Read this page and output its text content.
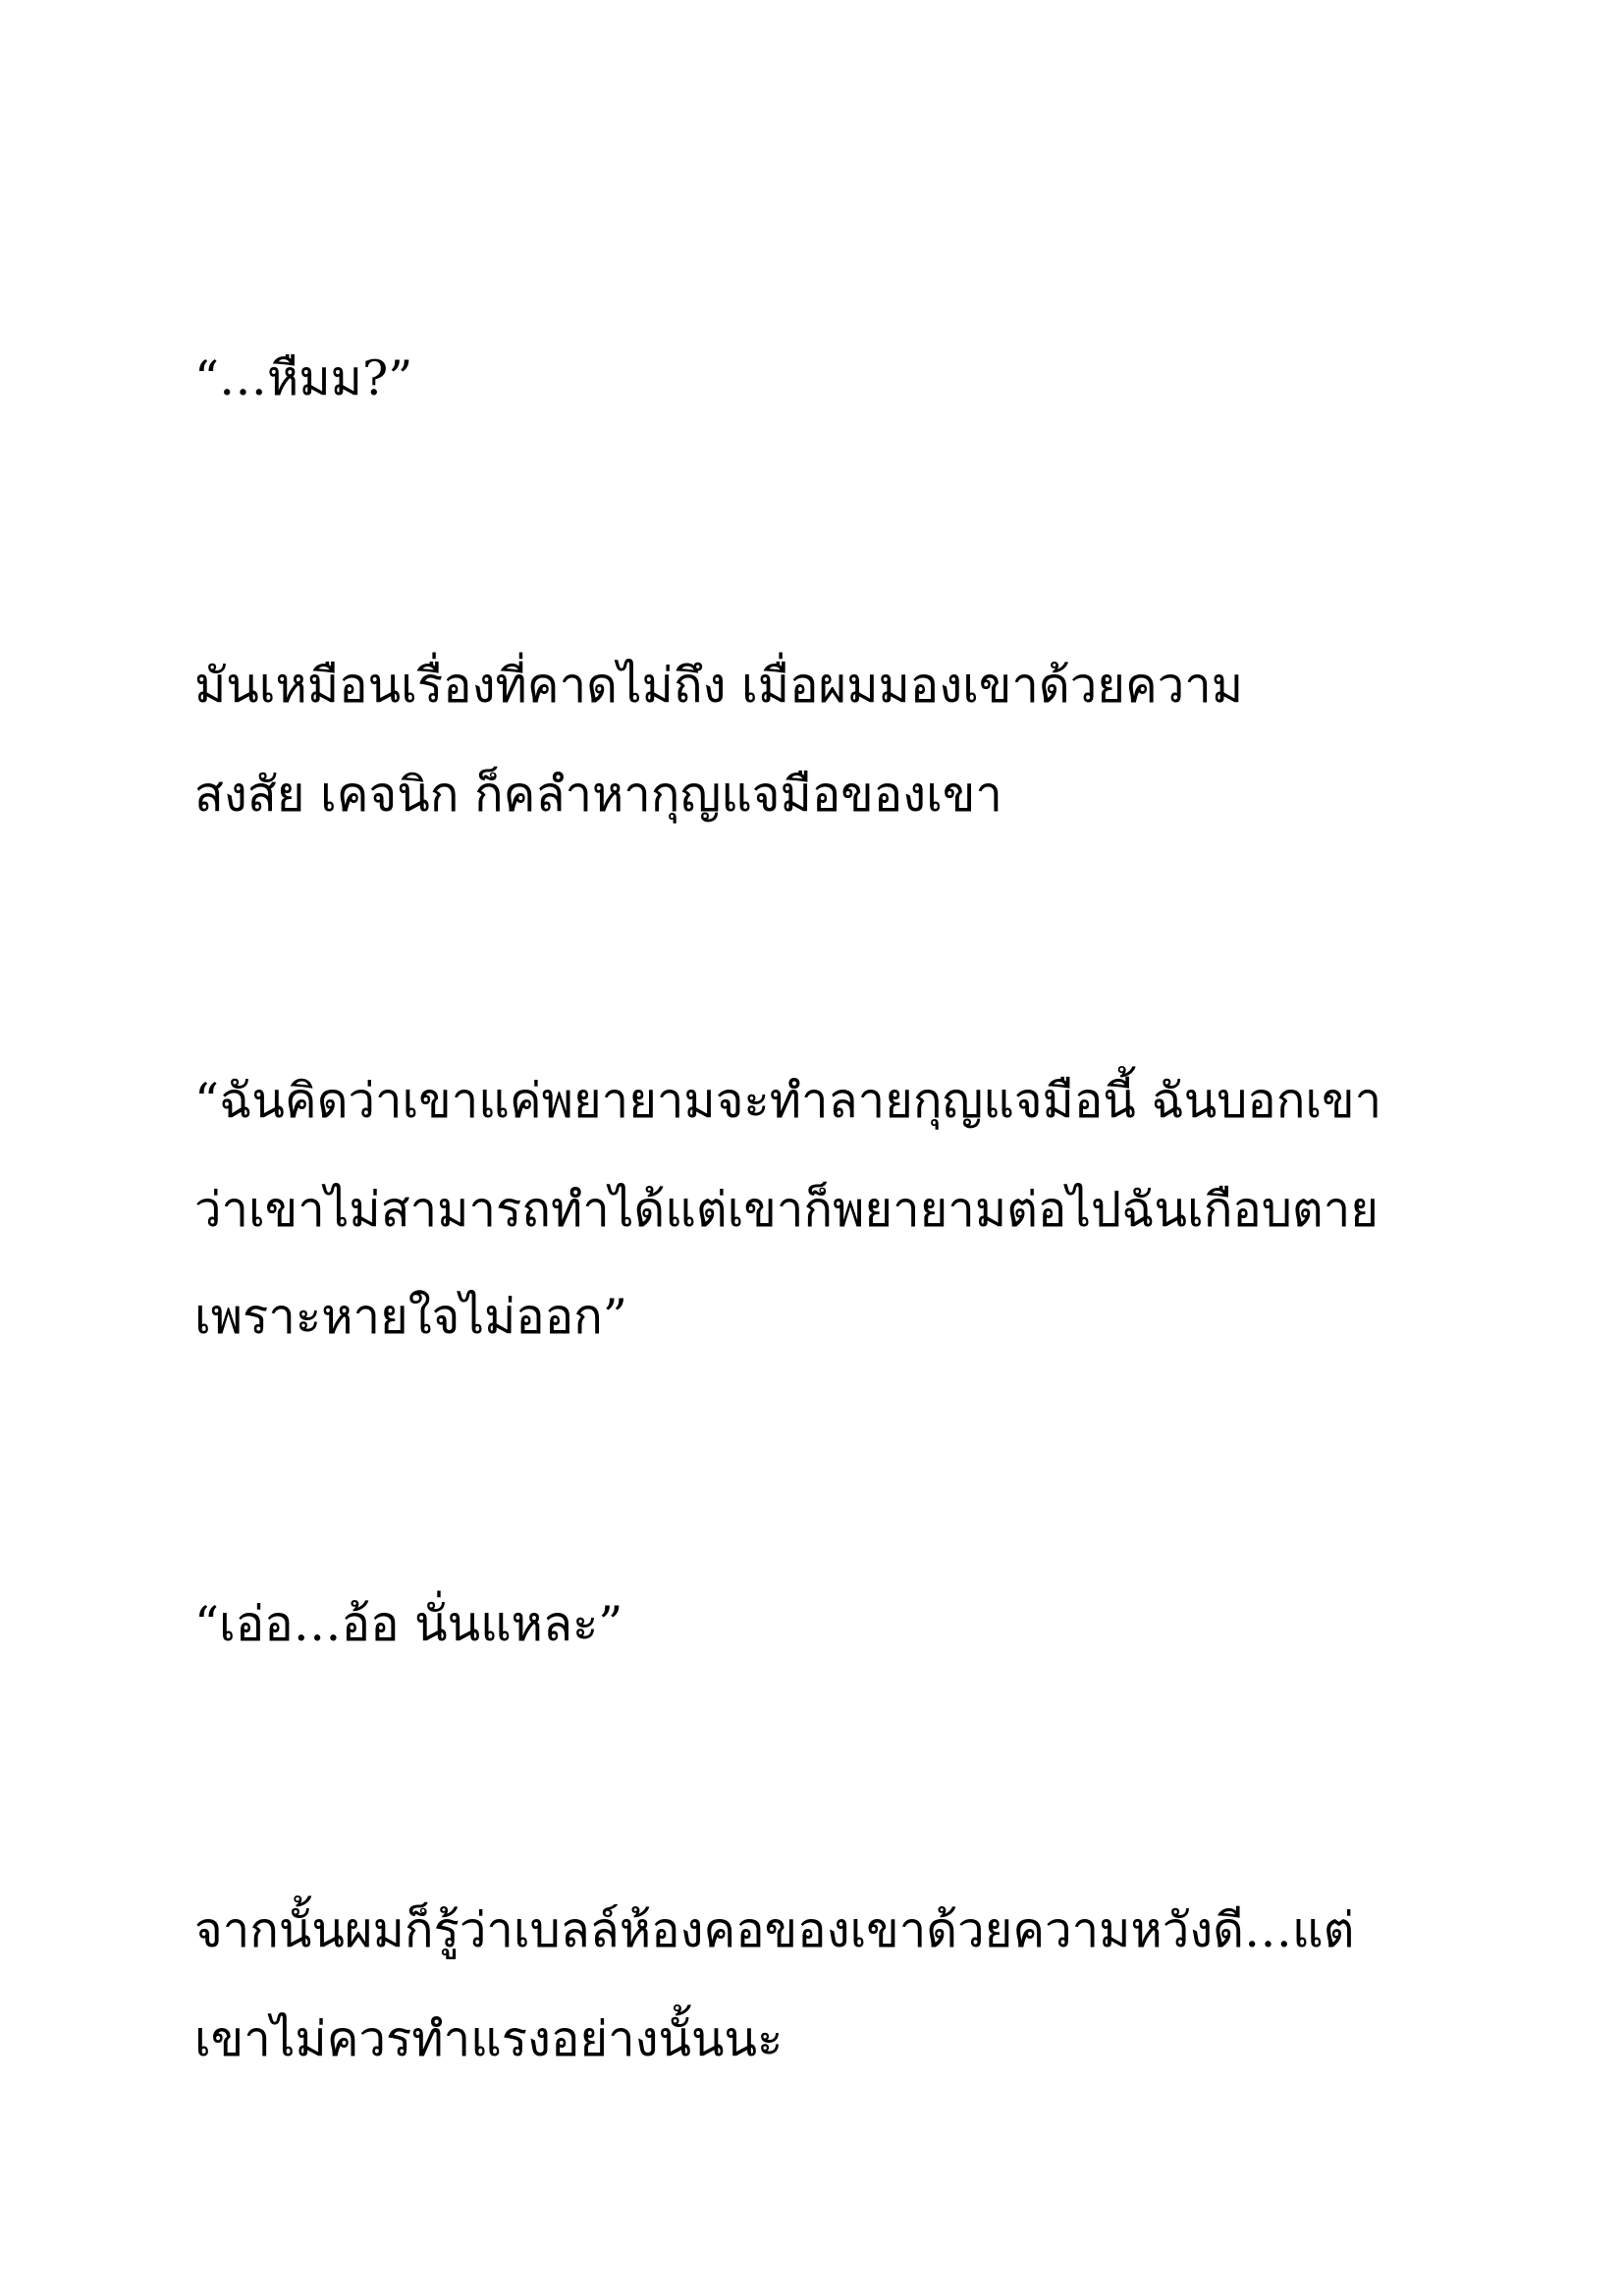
“…หืมม?”

มันเหมือนเรื่องที่คาดไม่ถึง เมื่อผมมองเขาด้วยความ

สงสัย เคจนิก ก็คลำหากุญแจมือของเขา

“ฉันคิดว่าเขาแค่พยายามจะทำลายกุญแจมือนี้ ฉันบอกเขา

ว่าเขาไม่สามารถทำได้แต่เขาก็พยายามต่อไปฉันเกือบตาย

เพราะหายใจไม่ออก”

“เอ่อ…อ้อ นั่นแหละ”

จากนั้นผมก็รู้ว่าเบลล์ห้องคอของเขาด้วยความหวังดี…แต่

เขาไม่ควรทำแรงอย่างนั้นนะ
